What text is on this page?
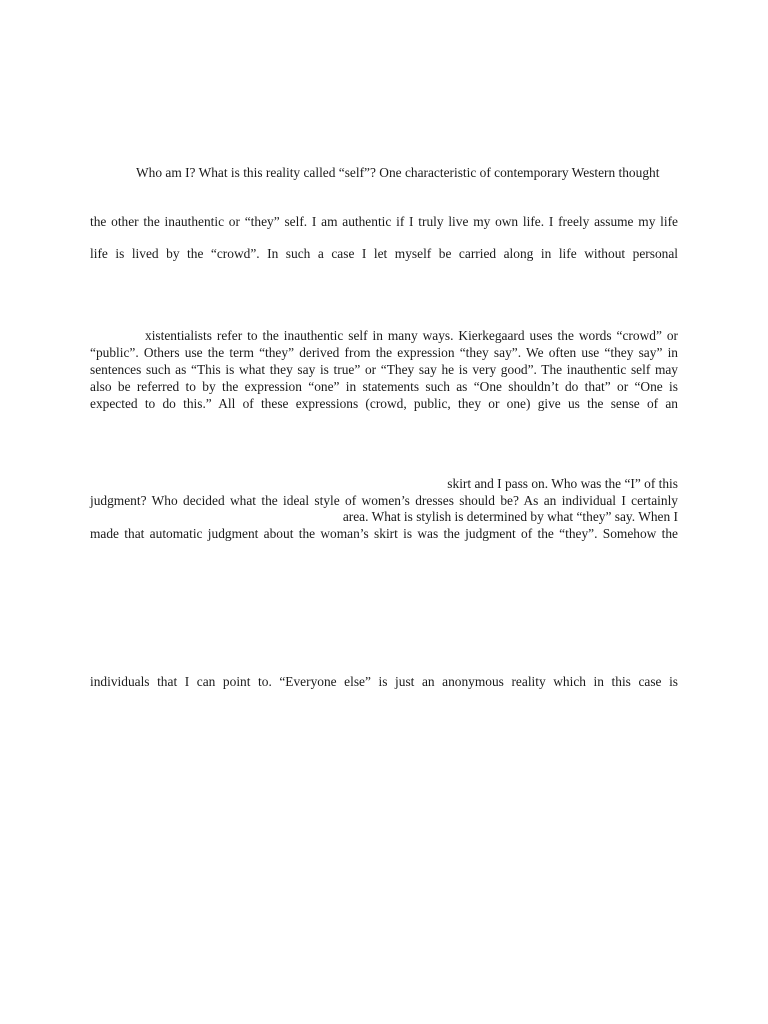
Who am I? What is this reality called “self”? One characteristic of contemporary Western thought
the other the inauthentic or “they” self. I am authentic if I truly live my own life. I freely assume my life
life is lived by the “crowd”. In such a case I let myself be carried along in life without personal
xistentialists refer to the inauthentic self in many ways. Kierkegaard uses the words “crowd” or
“public”. Others use the term “they” derived from the expression “they say”. We often use “they say” in
sentences such as “This is what they say is true” or “They say he is very good”. The inauthentic self may
also be referred to by the expression “one” in statements such as “One shouldn’t do that” or “One is
expected to do this.” All of these expressions (crowd, public, they or one) give us the sense of an
skirt and I pass on. Who was the “I” of this
judgment? Who decided what the ideal style of women’s dresses should be? As an individual I certainly
area. What is stylish is determined by what “they” say. When I
made that automatic judgment about the woman’s skirt is was the judgment of the “they”. Somehow the
individuals that I can point to. “Everyone else” is just an anonymous reality which in this case is
